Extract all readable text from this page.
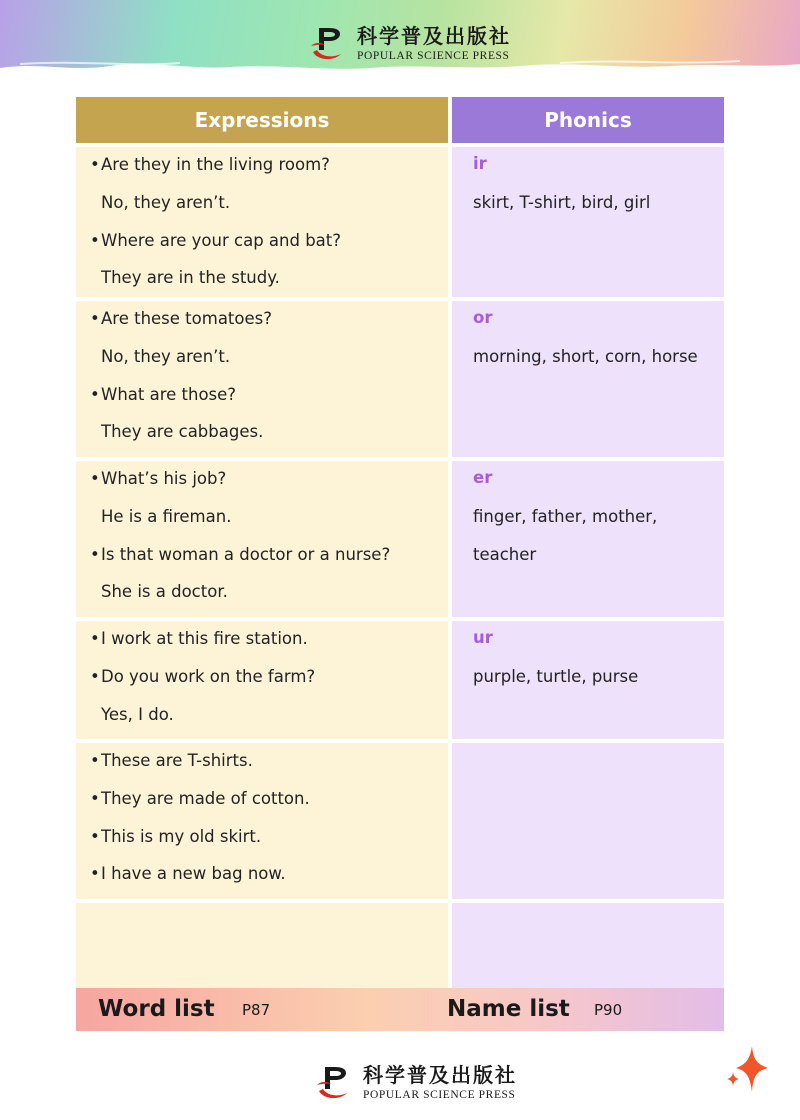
科学普及出版社
POPULAR SCIENCE PRESS
Expressions	Phonics
•Are they in the living room?
No, they aren’t.
•Where are your cap and bat?
They are in the study.
ir
skirt, T-shirt, bird, girl
•Are these tomatoes?
No, they aren’t.
•What are those?
They are cabbages.
or
morning, short, corn, horse
•What’s his job?
He is a fireman.
•Is that woman a doctor or a nurse?
She is a doctor.
er
finger, father, mother,
teacher
•I work at this fire station.
•Do you work on the farm?
Yes, I do.
ur
purple, turtle, purse
•These are T-shirts.
•They are made of cotton.
•This is my old skirt.
•I have a new bag now.
Word list P87	Name list P90
科学普及出版社
POPULAR SCIENCE PRESS
